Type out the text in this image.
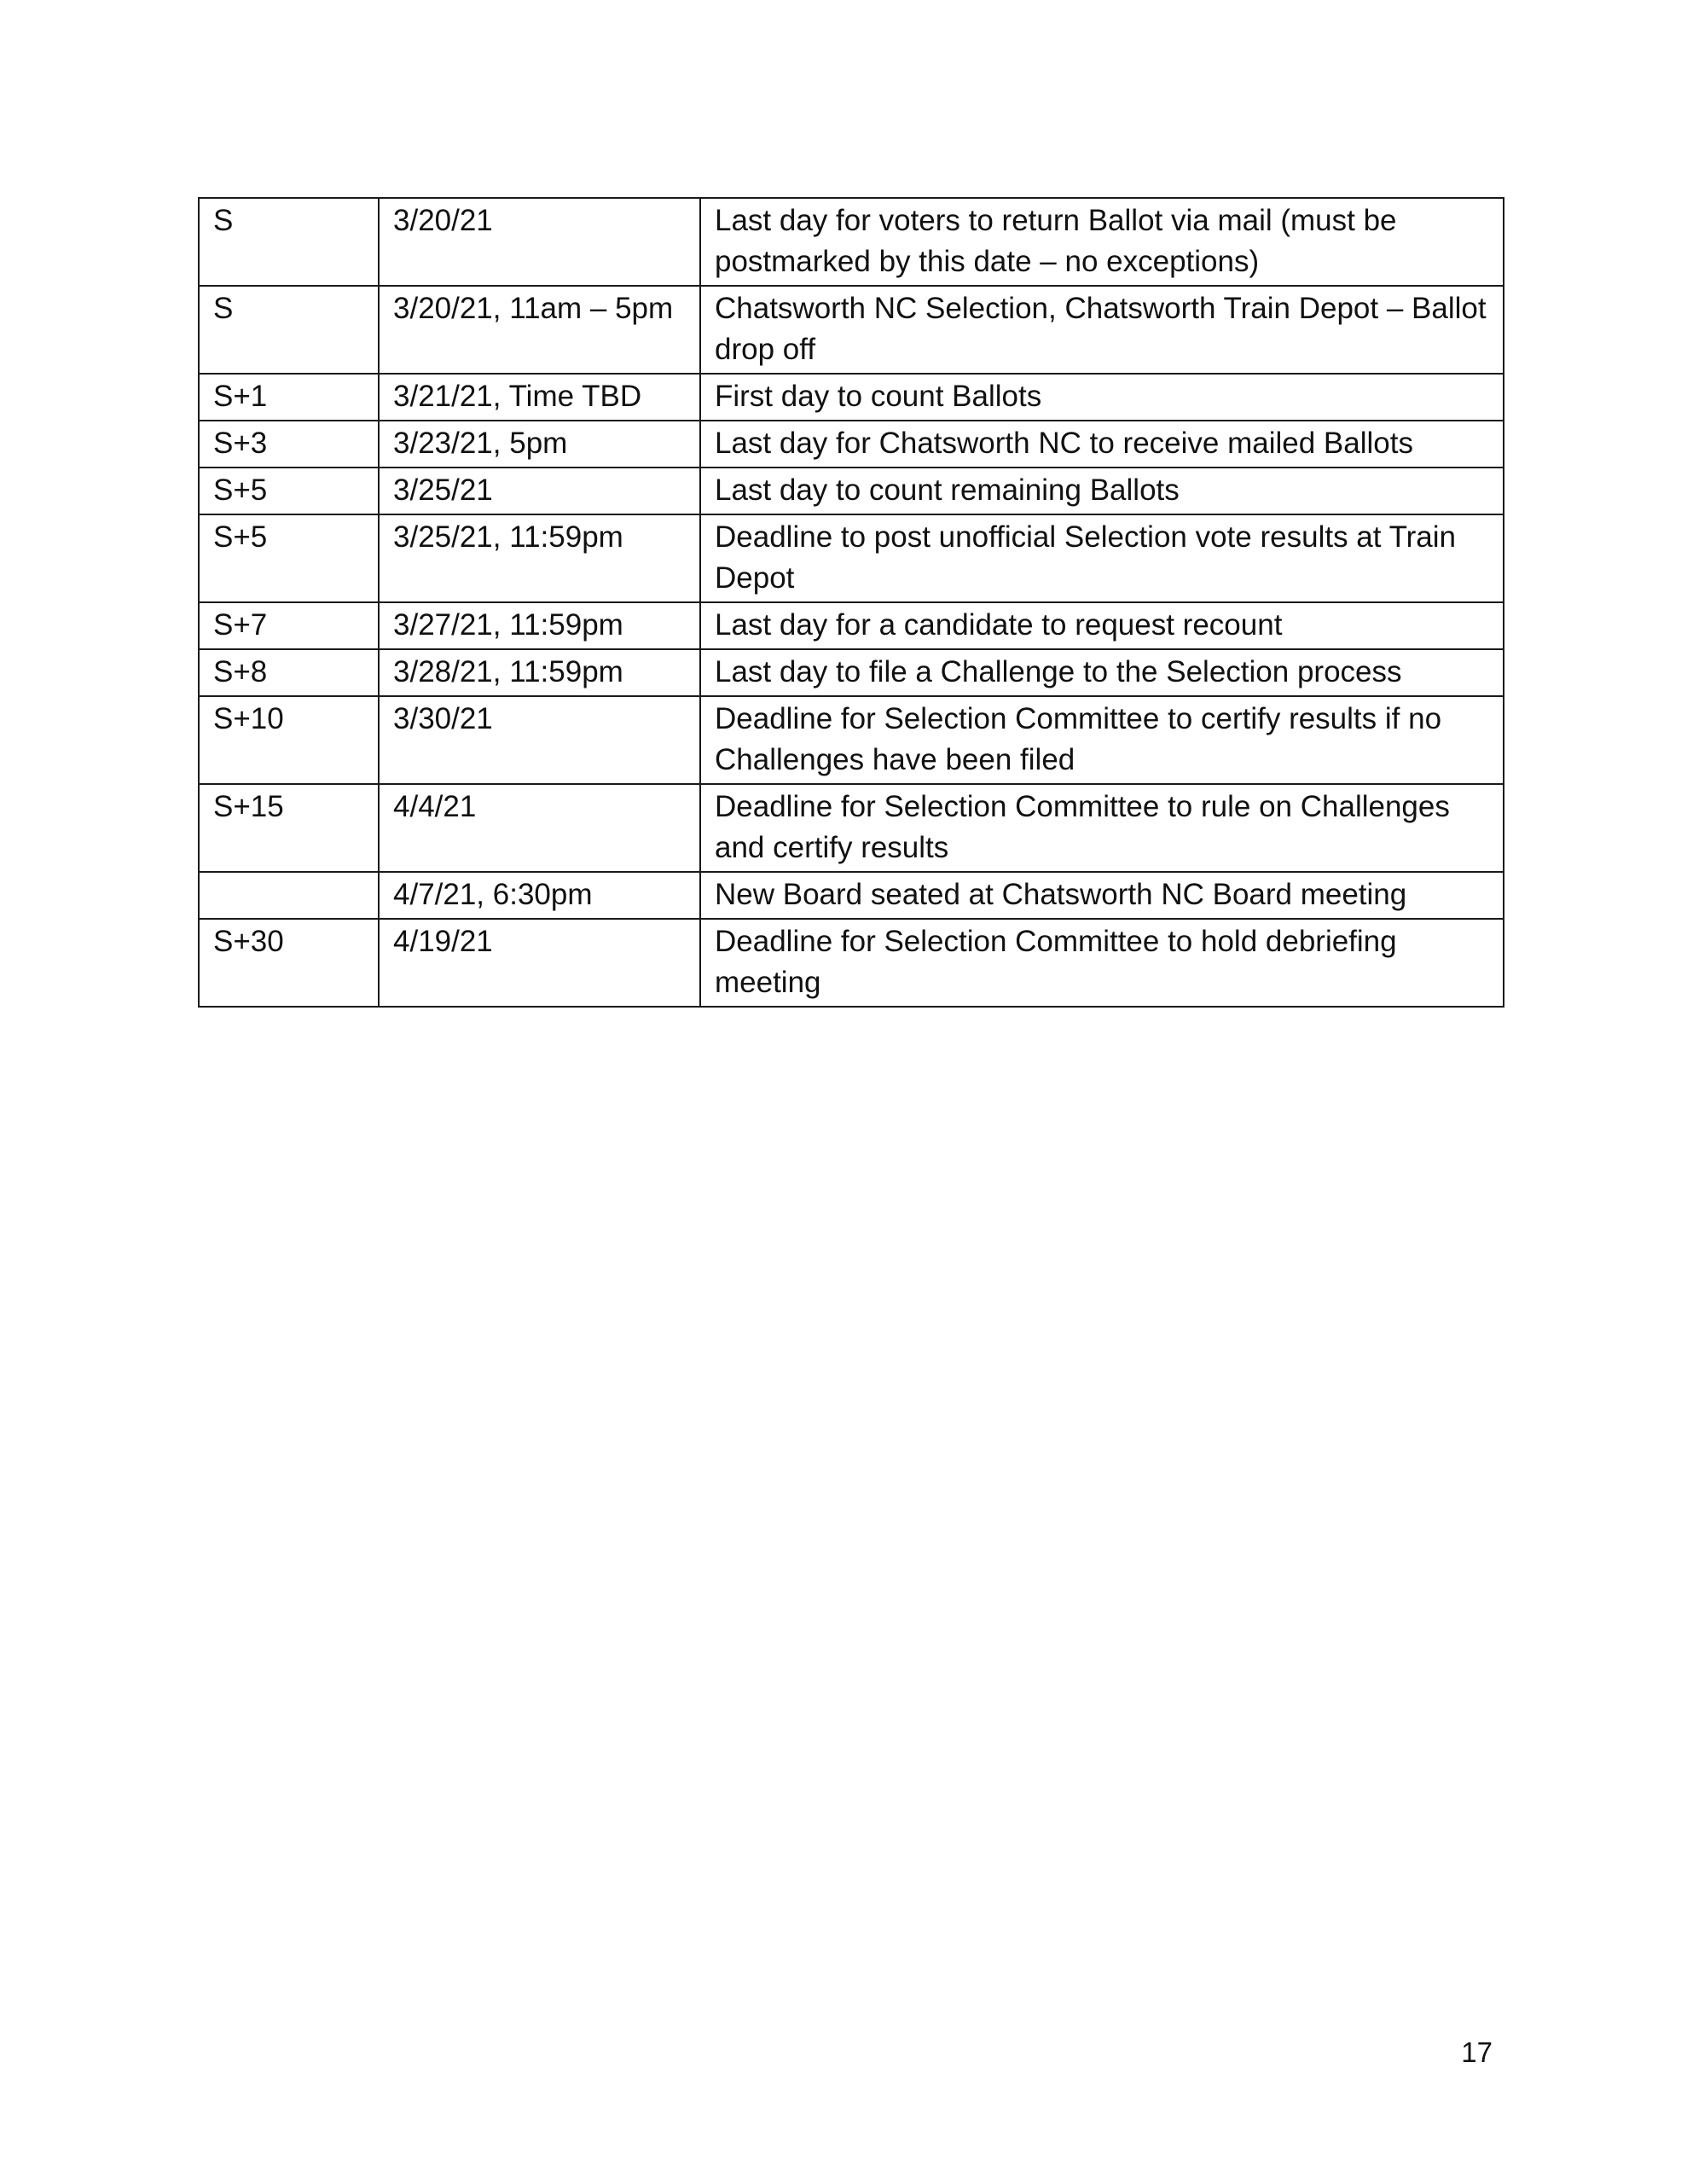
S	3/20/21	Last day for voters to return Ballot via mail (must be postmarked by this date – no exceptions)
S	3/20/21, 11am – 5pm	Chatsworth NC Selection, Chatsworth Train Depot – Ballot drop off
S+1	3/21/21, Time TBD	First day to count Ballots
S+3	3/23/21, 5pm	Last day for Chatsworth NC to receive mailed Ballots
S+5	3/25/21	Last day to count remaining Ballots
S+5	3/25/21, 11:59pm	Deadline to post unofficial Selection vote results at Train Depot
S+7	3/27/21, 11:59pm	Last day for a candidate to request recount
S+8	3/28/21, 11:59pm	Last day to file a Challenge to the Selection process
S+10	3/30/21	Deadline for Selection Committee to certify results if no Challenges have been filed
S+15	4/4/21	Deadline for Selection Committee to rule on Challenges and certify results
	4/7/21, 6:30pm	New Board seated at Chatsworth NC Board meeting
S+30	4/19/21	Deadline for Selection Committee to hold debriefing meeting
17
